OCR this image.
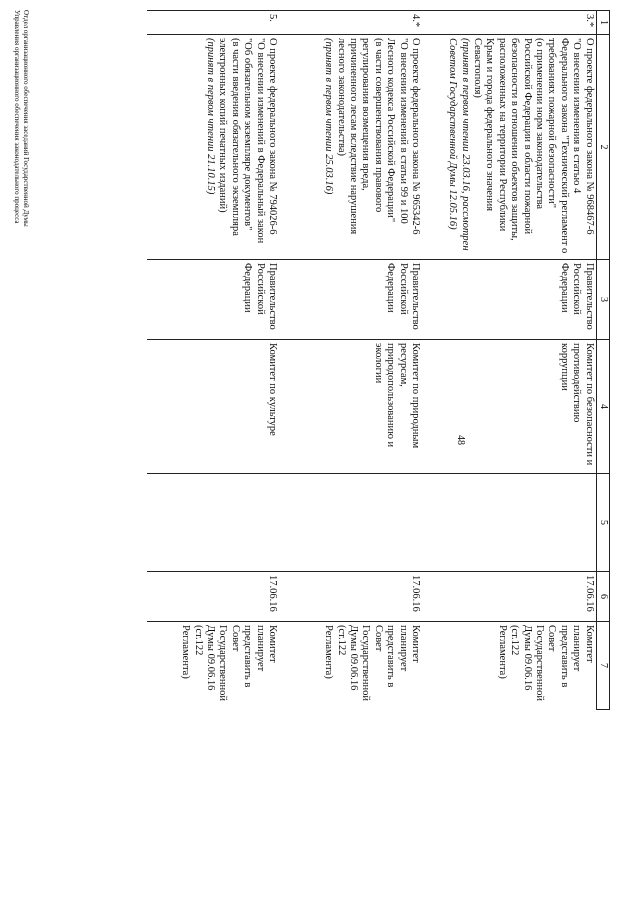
1	2	3	4	5	6	7
3.*	О проекте федерального закона № 968467-6
"О внесении изменения в статью 4 Федерального закона "Технический регламент о требованиях пожарной безопасности"
(о применении норм законодательства Российской Федерации в области пожарной безопасности в отношении объектов защиты, расположенных на территории Республики Крым и города федерального значения Севастополя)
(принят в первом чтении 23.03.16, рассмотрен Советом Государственной Думы 12.05.16)	Правительство Российской Федерации	Комитет по безопасности и противодействию коррупции		17.06.16	Комитет планирует представить в Совет Государственной Думы 09.06.16 (ст.122 Регламента)
4.*	О проекте федерального закона № 965342-6
"О внесении изменений в статьи 99 и 100 Лесного кодекса Российской Федерации"
(в части совершенствования правового регулирования возмещения вреда, причиненного лесам вследствие нарушения лесного законодательства)
(принят в первом чтении 25.03.16)	Правительство Российской Федерации	Комитет по природным ресурсам, природопользованию и экологии		17.06.16	Комитет планирует представить в Совет Государственной Думы 09.06.16 (ст.122 Регламента)
5.	О проекте федерального закона № 794026-6
"О внесении изменений в Федеральный закон "Об обязательном экземпляре документов"
(в части введения обязательного экземпляра электронных копий печатных изданий)
(принят в первом чтении 21.10.15)	Правительство Российской Федерации	Комитет по культуре		17.06.16	Комитет планирует представить в Совет Государственной Думы 09.06.16 (ст.122 Регламента)
48
Отдел организационного обеспечения заседаний Государственной Думы
Управления организационного обеспечения законодательного процесса
